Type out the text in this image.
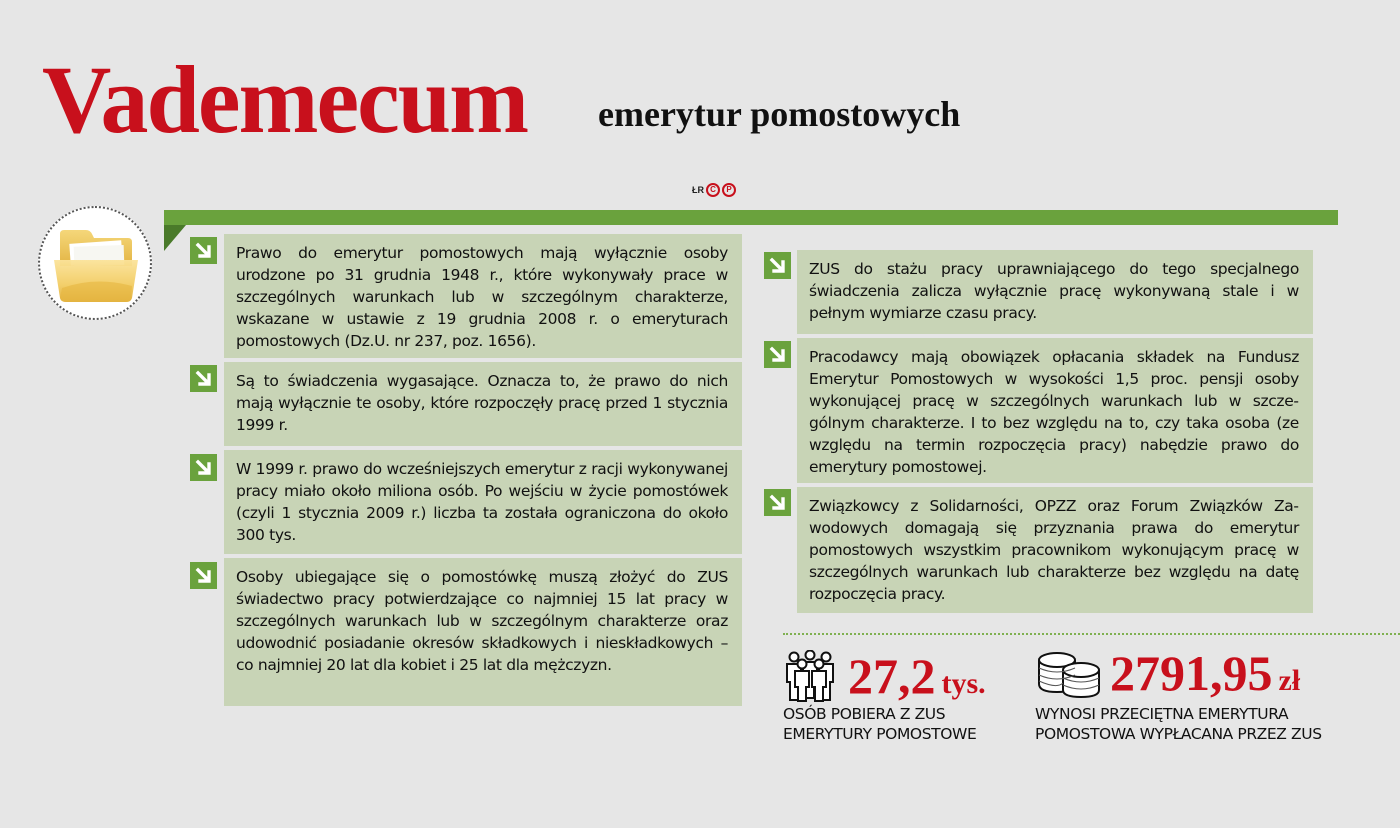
Vademecum emerytur pomostowych
ŁR C	P
Prawo do emerytur pomostowych mają wyłącznie osoby urodzone po 31 grudnia 1948 r., które wykonywały prace w szczególnych warunkach lub w szczególnym charakterze, wskazane w ustawie z 19 grudnia 2008 r. o emeryturach pomostowych (Dz.U. nr 237, poz. 1656).
Są to świadczenia wygasające. Oznacza to, że prawo do nich mają wyłącznie te osoby, które rozpoczęły pracę przed 1 stycznia 1999 r.
W 1999 r. prawo do wcześniejszych emerytur z racji wykonywanej pracy miało około miliona osób. Po wejściu w życie pomostówek (czyli 1 stycznia 2009 r.) liczba ta została ograniczona do około 300 tys.
Osoby ubiegające się o pomostówkę muszą złożyć do ZUS świadectwo pracy potwierdzające co najmniej 15 lat pracy w szczególnych warunkach lub w szczególnym charakterze oraz udowodnić posiadanie okresów składkowych i nieskładkowych – co najmniej 20 lat dla kobiet i 25 lat dla mężczyzn.
ZUS do stażu pracy uprawniającego do tego specjalnego świadczenia zalicza wyłącznie pracę wykonywaną stale i w pełnym wymiarze czasu pracy.
Pracodawcy mają obowiązek opłacania składek na Fundusz Emerytur Pomostowych w wysokości 1,5 proc. pensji osoby wykonującej pracę w szczególnych warunkach lub w szczególnym charakterze. I to bez względu na to, czy taka osoba (ze względu na termin rozpoczęcia pracy) nabędzie prawo do emerytury pomostowej.
Związkowcy z Solidarności, OPZZ oraz Forum Związków Zawodowych domagają się przyznania prawa do emerytur pomostowych wszystkim pracownikom wykonującym pracę w szczególnych warunkach lub charakterze bez względu na datę rozpoczęcia pracy.
27,2 tys.
OSÓB POBIERA Z ZUS
EMERYTURY POMOSTOWE
2791,95 zł
WYNOSI PRZECIĘTNA EMERYTURA
POMOSTOWA WYPŁACANA PRZEZ ZUS
